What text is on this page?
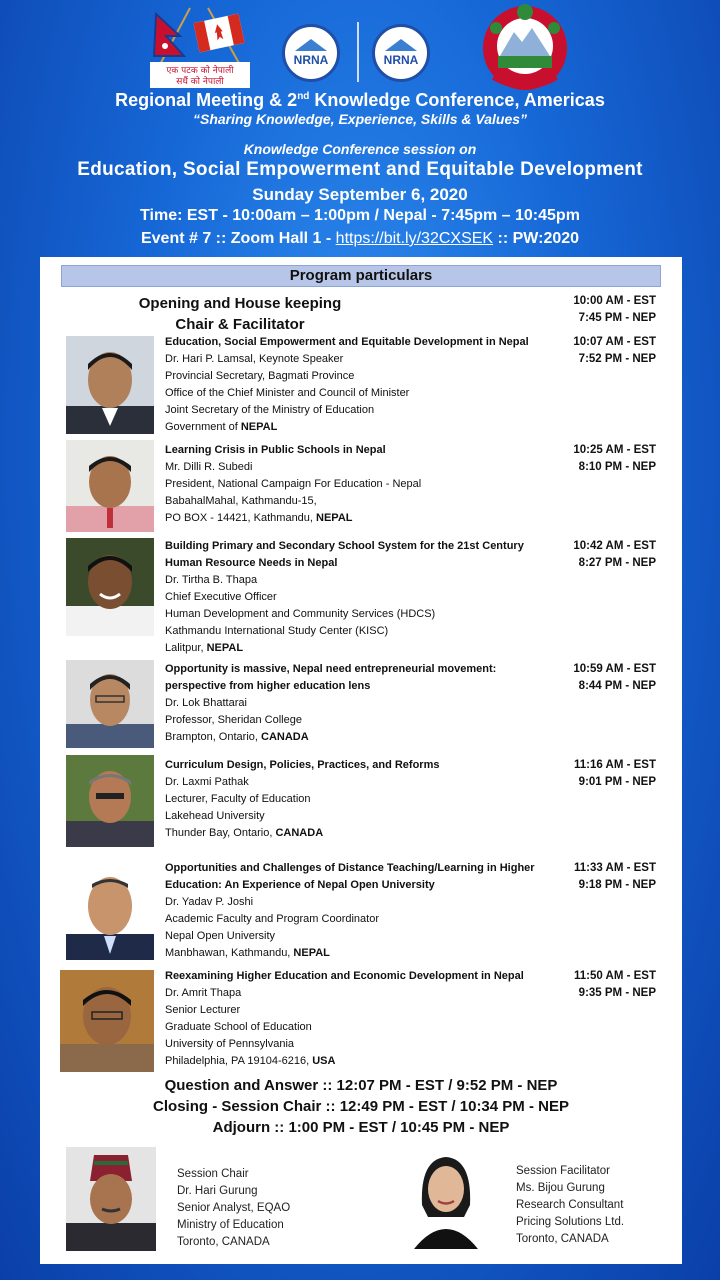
एक पटक को नेपाली
सधैं को नेपाली
NRNA	NRNA
Regional Meeting & 2nd Knowledge Conference, Americas
“Sharing Knowledge, Experience, Skills & Values”
Knowledge Conference session on
Education, Social Empowerment and Equitable Development
Sunday September 6, 2020
Time: EST - 10:00am – 1:00pm / Nepal - 7:45pm – 10:45pm
Event # 7 :: Zoom Hall 1 - https://bit.ly/32CXSEK :: PW:2020
Program particulars
Opening and House keeping
Chair & Facilitator
10:00 AM - EST
7:45 PM - NEP
Education, Social Empowerment and Equitable Development in Nepal
Dr. Hari P. Lamsal, Keynote Speaker
Provincial Secretary, Bagmati Province
Office of the Chief Minister and Council of Minister
Joint Secretary of the Ministry of Education
Government of NEPAL
10:07 AM - EST
7:52 PM - NEP
Learning Crisis in Public Schools in Nepal
Mr. Dilli R. Subedi
President, National Campaign For Education - Nepal
BabahalMahal, Kathmandu-15,
PO BOX - 14421, Kathmandu, NEPAL
10:25 AM - EST
8:10 PM - NEP
Building Primary and Secondary School System for the 21st Century Human Resource Needs in Nepal
Dr. Tirtha B. Thapa
Chief Executive Officer
Human Development and Community Services (HDCS)
Kathmandu International Study Center (KISC)
Lalitpur, NEPAL
10:42 AM - EST
8:27 PM - NEP
Opportunity is massive, Nepal need entrepreneurial movement: perspective from higher education lens
Dr. Lok Bhattarai
Professor, Sheridan College
Brampton, Ontario, CANADA
10:59 AM - EST
8:44 PM - NEP
Curriculum Design, Policies, Practices, and Reforms
Dr. Laxmi Pathak
Lecturer, Faculty of Education
Lakehead University
Thunder Bay, Ontario, CANADA
11:16 AM - EST
9:01 PM - NEP
Opportunities and Challenges of Distance Teaching/Learning in Higher Education: An Experience of Nepal Open University
Dr. Yadav P. Joshi
Academic Faculty and Program Coordinator
Nepal Open University
Manbhawan, Kathmandu, NEPAL
11:33 AM - EST
9:18 PM - NEP
Reexamining Higher Education and Economic Development in Nepal
Dr. Amrit Thapa
Senior Lecturer
Graduate School of Education
University of Pennsylvania
Philadelphia, PA 19104-6216, USA
11:50 AM - EST
9:35 PM - NEP
Question and Answer :: 12:07 PM - EST / 9:52 PM - NEP
Closing - Session Chair :: 12:49 PM - EST / 10:34 PM - NEP
Adjourn :: 1:00 PM - EST / 10:45 PM - NEP
Session Chair
Dr. Hari Gurung
Senior Analyst, EQAO
Ministry of Education
Toronto, CANADA
Session Facilitator
Ms. Bijou Gurung
Research Consultant
Pricing Solutions Ltd.
Toronto, CANADA
